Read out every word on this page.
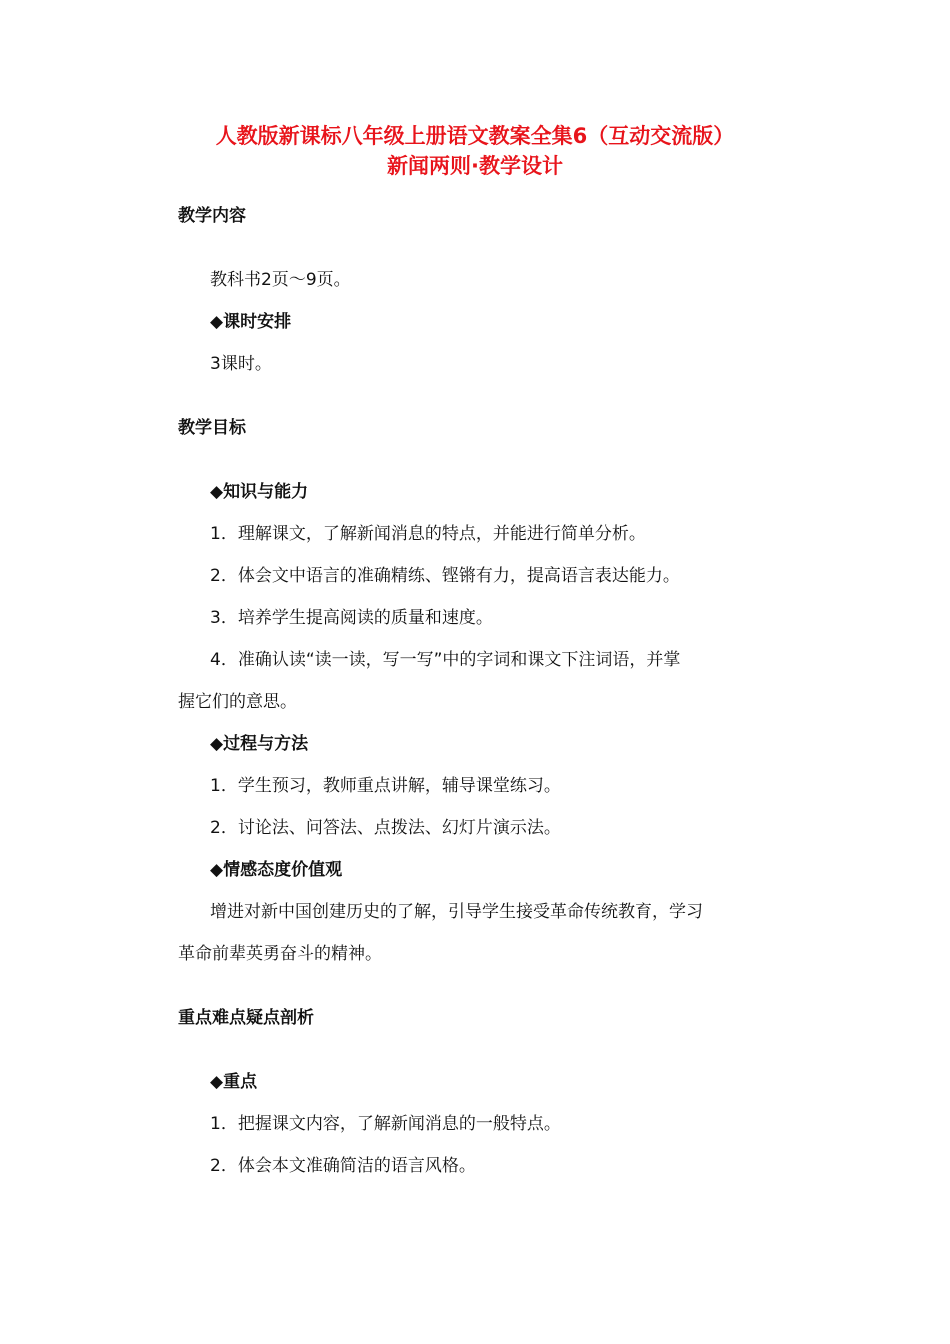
人教版新课标八年级上册语文教案全集6（互动交流版）
新闻两则·教学设计
教学内容
教科书2页～9页。
◆课时安排
3课时。
教学目标
◆知识与能力
1．理解课文，了解新闻消息的特点，并能进行简单分析。
2．体会文中语言的准确精练、铿锵有力，提高语言表达能力。
3．培养学生提高阅读的质量和速度。
4．准确认读“读一读，写一写”中的字词和课文下注词语，并掌
握它们的意思。
◆过程与方法
1．学生预习，教师重点讲解，辅导课堂练习。
2．讨论法、问答法、点拨法、幻灯片演示法。
◆情感态度价值观
增进对新中国创建历史的了解，引导学生接受革命传统教育，学习
革命前辈英勇奋斗的精神。
重点难点疑点剖析
◆重点
1．把握课文内容，了解新闻消息的一般特点。
2．体会本文准确简洁的语言风格。
